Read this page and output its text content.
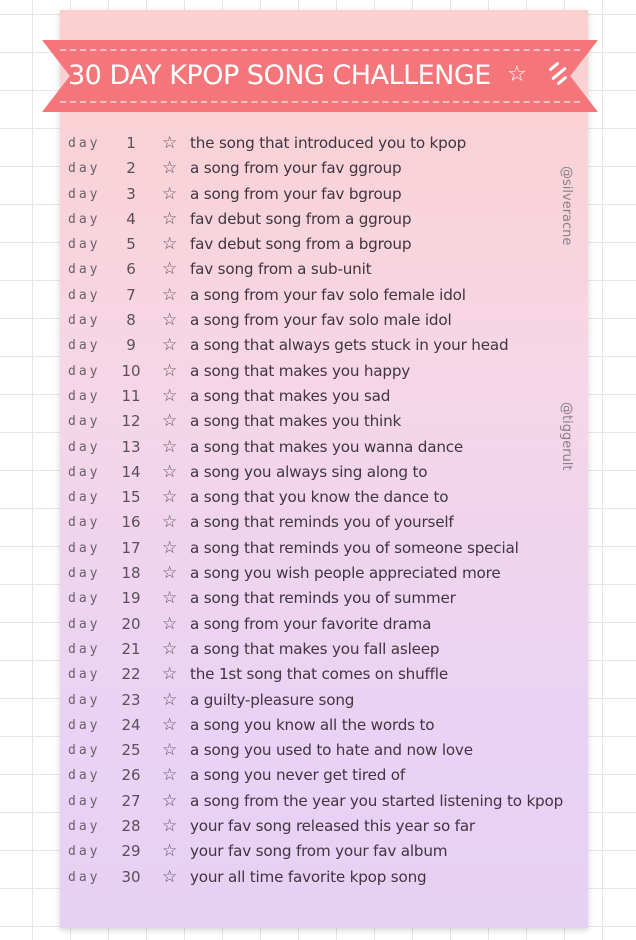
30 DAY KPOP SONG CHALLENGE ☆
@silveracne
@tiggerult
day	1	☆ the song that introduced you to kpop
day	2	☆ a song from your fav ggroup
day	3	☆ a song from your fav bgroup
day	4	☆ fav debut song from a ggroup
day	5	☆ fav debut song from a bgroup
day	6	☆ fav song from a sub-unit
day	7	☆ a song from your fav solo female idol
day	8	☆ a song from your fav solo male idol
day	9	☆ a song that always gets stuck in your head
day	10	☆ a song that makes you happy
day	11	☆ a song that makes you sad
day	12	☆ a song that makes you think
day	13	☆ a song that makes you wanna dance
day	14	☆ a song you always sing along to
day	15	☆ a song that you know the dance to
day	16	☆ a song that reminds you of yourself
day	17	☆ a song that reminds you of someone special
day	18	☆ a song you wish people appreciated more
day	19	☆ a song that reminds you of summer
day	20	☆ a song from your favorite drama
day	21	☆ a song that makes you fall asleep
day	22	☆ the 1st song that comes on shuffle
day	23	☆ a guilty-pleasure song
day	24	☆ a song you know all the words to
day	25	☆ a song you used to hate and now love
day	26	☆ a song you never get tired of
day	27	☆ a song from the year you started listening to kpop
day	28	☆ your fav song released this year so far
day	29	☆ your fav song from your fav album
day	30	☆ your all time favorite kpop song
